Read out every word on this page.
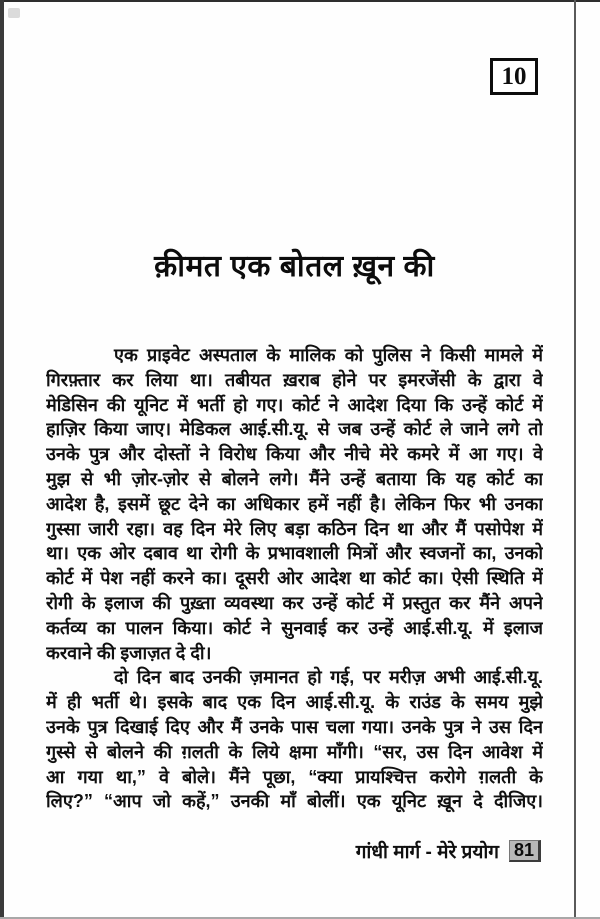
10
क़ीमत एक बोतल ख़ून की
एक प्राइवेट अस्पताल के मालिक को पुलिस ने किसी मामले में
गिरफ़्तार कर लिया था। तबीयत ख़राब होने पर इमरजेंसी के द्वारा वे
मेडिसिन की यूनिट में भर्ती हो गए। कोर्ट ने आदेश दिया कि उन्हें कोर्ट में
हाज़िर किया जाए। मेडिकल आई.सी.यू. से जब उन्हें कोर्ट ले जाने लगे तो
उनके पुत्र और दोस्तों ने विरोध किया और नीचे मेरे कमरे में आ गए। वे
मुझ से भी ज़ोर-ज़ोर से बोलने लगे। मैंने उन्हें बताया कि यह कोर्ट का
आदेश है, इसमें छूट देने का अधिकार हमें नहीं है। लेकिन फिर भी उनका
गुस्सा जारी रहा। वह दिन मेरे लिए बड़ा कठिन दिन था और मैं पसोपेश में
था। एक ओर दबाव था रोगी के प्रभावशाली मित्रों और स्वजनों का, उनको
कोर्ट में पेश नहीं करने का। दूसरी ओर आदेश था कोर्ट का। ऐसी स्थिति में
रोगी के इलाज की पुख़्ता व्यवस्था कर उन्हें कोर्ट में प्रस्तुत कर मैंने अपने
कर्तव्य का पालन किया। कोर्ट ने सुनवाई कर उन्हें आई.सी.यू. में इलाज
करवाने की इजाज़त दे दी।
दो दिन बाद उनकी ज़मानत हो गई, पर मरीज़ अभी आई.सी.यू.
में ही भर्ती थे। इसके बाद एक दिन आई.सी.यू. के राउंड के समय मुझे
उनके पुत्र दिखाई दिए और मैं उनके पास चला गया। उनके पुत्र ने उस दिन
गुस्से से बोलने की ग़लती के लिये क्षमा माँगी। “सर, उस दिन आवेश में
आ गया था,” वे बोले। मैंने पूछा, “क्या प्रायश्चित्त करोगे ग़लती के
लिए?” “आप जो कहें,” उनकी माँ बोलीं। एक यूनिट ख़ून दे दीजिए।
गांधी मार्ग - मेरे प्रयोग 81
